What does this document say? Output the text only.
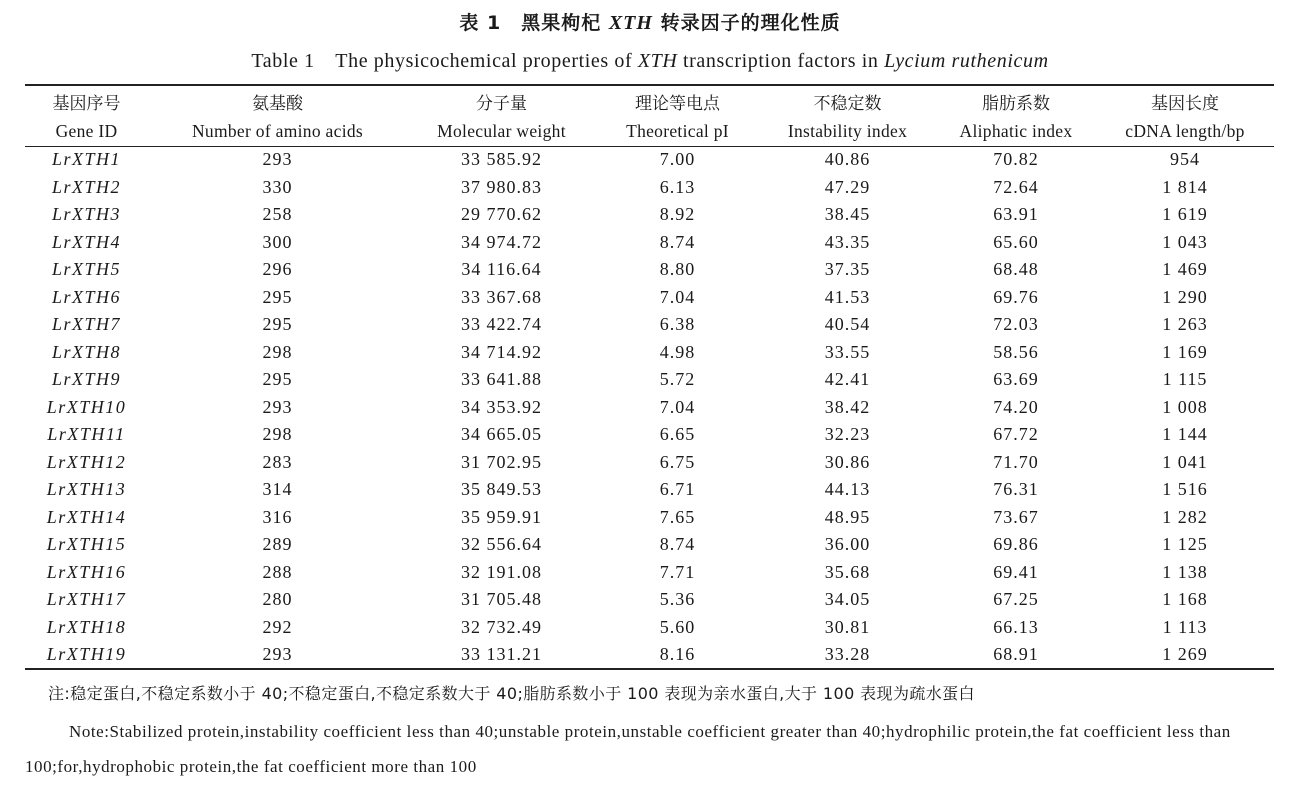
表 1　黑果枸杞 XTH 转录因子的理化性质
Table 1　The physicochemical properties of XTH transcription factors in Lycium ruthenicum
基因序号	氨基酸	分子量	理论等电点	不稳定数	脂肪系数	基因长度
Gene ID	Number of amino acids	Molecular weight	Theoretical pI	Instability index	Aliphatic index	cDNA length/bp
LrXTH1	293	33 585.92	7.00	40.86	70.82	954
LrXTH2	330	37 980.83	6.13	47.29	72.64	1 814
LrXTH3	258	29 770.62	8.92	38.45	63.91	1 619
LrXTH4	300	34 974.72	8.74	43.35	65.60	1 043
LrXTH5	296	34 116.64	8.80	37.35	68.48	1 469
LrXTH6	295	33 367.68	7.04	41.53	69.76	1 290
LrXTH7	295	33 422.74	6.38	40.54	72.03	1 263
LrXTH8	298	34 714.92	4.98	33.55	58.56	1 169
LrXTH9	295	33 641.88	5.72	42.41	63.69	1 115
LrXTH10	293	34 353.92	7.04	38.42	74.20	1 008
LrXTH11	298	34 665.05	6.65	32.23	67.72	1 144
LrXTH12	283	31 702.95	6.75	30.86	71.70	1 041
LrXTH13	314	35 849.53	6.71	44.13	76.31	1 516
LrXTH14	316	35 959.91	7.65	48.95	73.67	1 282
LrXTH15	289	32 556.64	8.74	36.00	69.86	1 125
LrXTH16	288	32 191.08	7.71	35.68	69.41	1 138
LrXTH17	280	31 705.48	5.36	34.05	67.25	1 168
LrXTH18	292	32 732.49	5.60	30.81	66.13	1 113
LrXTH19	293	33 131.21	8.16	33.28	68.91	1 269
注:稳定蛋白,不稳定系数小于 40;不稳定蛋白,不稳定系数大于 40;脂肪系数小于 100 表现为亲水蛋白,大于 100 表现为疏水蛋白
Note:Stabilized protein,instability coefficient less than 40;unstable protein,unstable coefficient greater than 40;hydrophilic protein,the fat coefficient less than 100;for,hydrophobic protein,the fat coefficient more than 100
